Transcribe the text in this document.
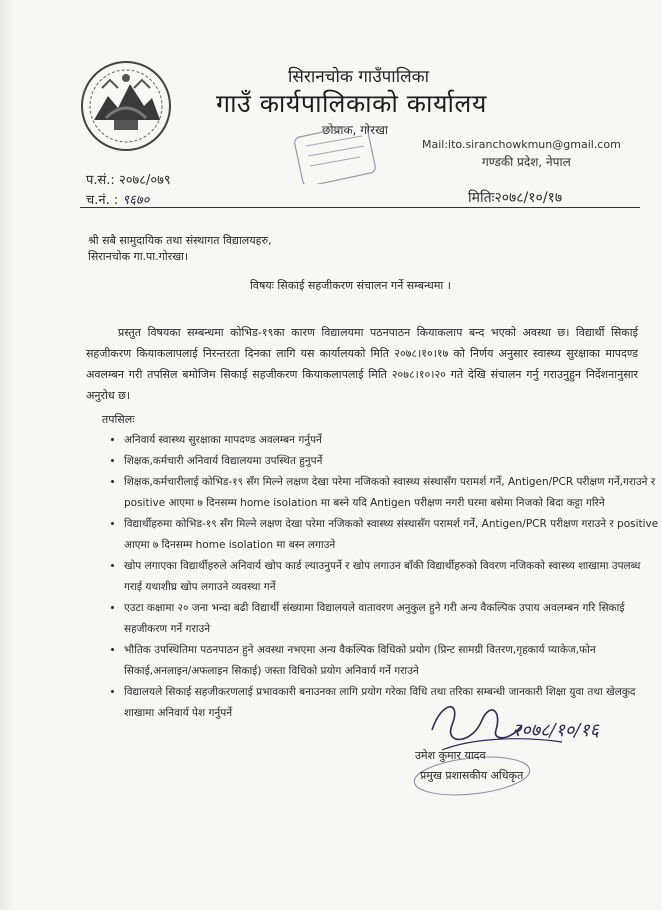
सिरानचोक गाउँपालिका
गाउँ कार्यपालिकाको कार्यालय
छोप्राक, गोरखा
Mail:ito.siranchowkmun@gmail.com
गण्डकी प्रदेश, नेपाल
प.सं.: २०७८/०७९
च.नं. : ९६७०	मितिः२०७८/१०/१७
श्री सबै सामुदायिक तथा संस्थागत विद्यालयहरु,
सिरानचोक गा.पा.गोरखा।
विषयः सिकाई सहजीकरण संचालन गर्ने सम्बन्धमा ।

प्रस्तुत विषयका सम्बन्धमा कोभिड-१९का कारण विद्यालयमा पठनपाठन कियाकलाप बन्द भएको अवस्था छ। विद्यार्थी सिकाई सहजीकरण कियाकलापलाई निरन्तरता दिनका लागि यस कार्यालयको मिति २०७८।१०।१७ को निर्णय अनुसार स्वास्थ्य सुरक्षाका मापदण्ड अवलम्बन गरी तपसिल बमोजिम सिकाई सहजीकरण कियाकलापलाई मिति २०७८।१०।२० गते देखि संचालन गर्नु गराउनुहुन निर्देशनानुसार अनुरोध छ।

तपसिलः
• अनिवार्य स्वास्थ्य सुरक्षाका मापदण्ड अवलम्बन गर्नुपर्ने
• शिक्षक,कर्मचारी अनिवार्य विद्यालयमा उपस्थित हुनुपर्ने
• शिक्षक,कर्मचारीलाई कोभिड-१९ सँग मिल्ने लक्षण देखा परेमा नजिकको स्वास्थ्य संस्थासँग परामर्श गर्ने, Antigen/PCR परीक्षण गर्ने,गराउने र positive आएमा ७ दिनसम्म home isolation मा बस्ने यदि Antigen परीक्षण नगरी घरमा बसेमा निजको बिदा कट्टा गरिने
• विद्यार्थीहरुमा कोभिड-१९ सँग मिल्ने लक्षण देखा परेमा नजिकको स्वास्थ्य संस्थासँग परामर्श गर्ने, Antigen/PCR परीक्षण गराउने र positive आएमा ७ दिनसम्म home isolation मा बस्न लगाउने
• खोप लगाएका विद्यार्थीहरुले अनिवार्य खोप कार्ड ल्याउनुपर्ने र खोप लगाउन बाँकी विद्यार्थीहरुको विवरण नजिकको स्वास्थ्य शाखामा उपलब्ध गराई यथाशीघ्र खोप लगाउने व्यवस्था गर्ने
• एउटा कक्षामा २० जना भन्दा बढी विद्यार्थी संख्यामा विद्यालयले वातावरण अनुकुल हुने गरी अन्य वैकल्पिक उपाय अवलम्बन गरि सिकाई सहजीकरण गर्ने गराउने
• भौतिक उपस्थितिमा पठनपाठन हुने अवस्था नभएमा अन्य वैकल्पिक विधिको प्रयोग (प्रिन्ट सामग्री वितरण,गृहकार्य प्याकेज,फोन सिकाई,अनलाइन/अफलाइन सिकाई) जस्ता विधिको प्रयोग अनिवार्य गर्ने गराउने
• विद्यालयले सिकाई सहजीकरणलाई प्रभावकारी बनाउनका लागि प्रयोग गरेका विधि तथा तरिका सम्बन्धी जानकारी शिक्षा युवा तथा खेलकुद शाखामा अनिवार्य पेश गर्नुपर्ने
२०७८/१०/१६
उमेश कुमार यादव
प्रमुख प्रशासकीय अधिकृत
